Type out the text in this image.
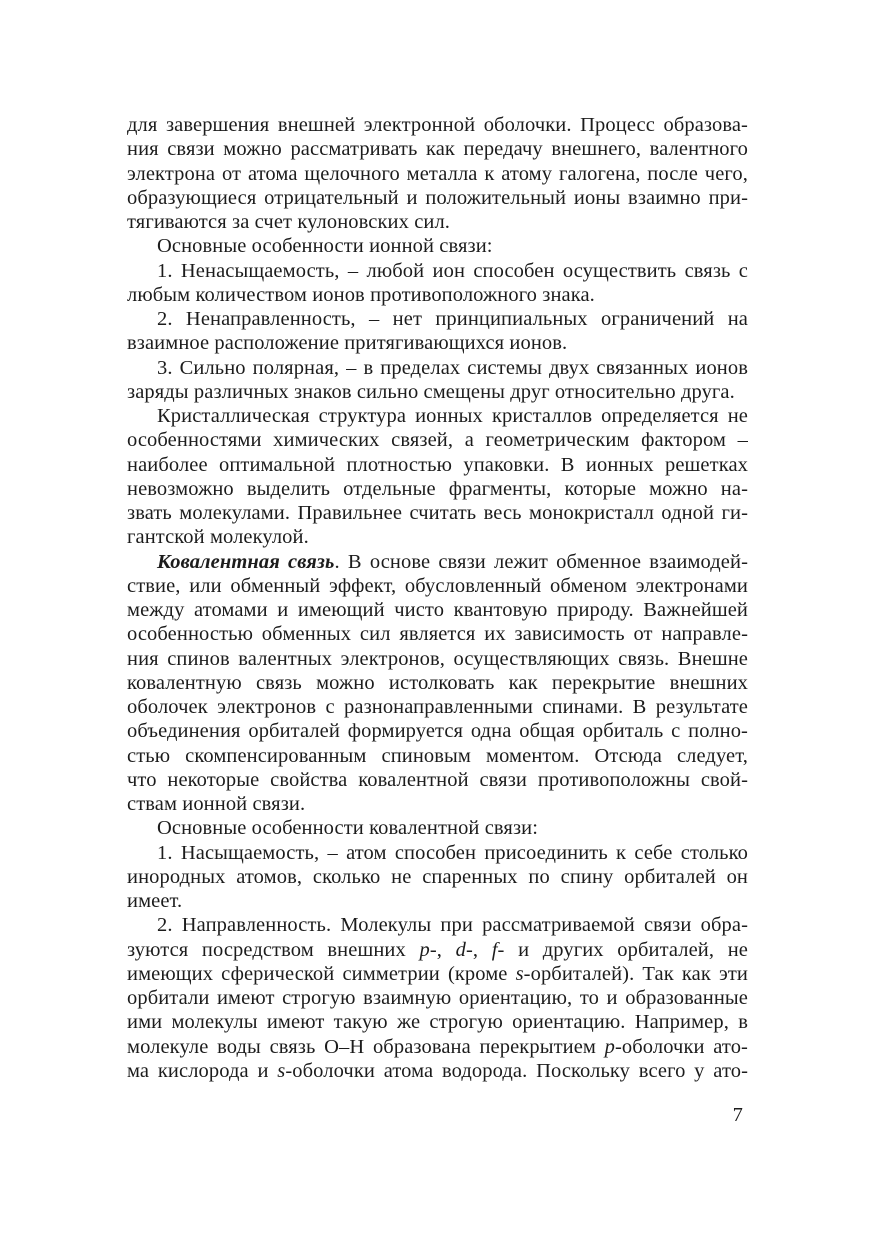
для завершения внешней электронной оболочки. Процесс образова-
ния связи можно рассматривать как передачу внешнего, валентного
электрона от атома щелочного металла к атому галогена, после чего,
образующиеся отрицательный и положительный ионы взаимно при-
тягиваются за счет кулоновских сил.
Основные особенности ионной связи:
1. Ненасыщаемость, – любой ион способен осуществить связь с
любым количеством ионов противоположного знака.
2. Ненаправленность, – нет принципиальных ограничений на
взаимное расположение притягивающихся ионов.
3. Сильно полярная, – в пределах системы двух связанных ионов
заряды различных знаков сильно смещены друг относительно друга.
Кристаллическая структура ионных кристаллов определяется не
особенностями химических связей, а геометрическим фактором –
наиболее оптимальной плотностью упаковки. В ионных решетках
невозможно выделить отдельные фрагменты, которые можно на-
звать молекулами. Правильнее считать весь монокристалл одной ги-
гантской молекулой.
Ковалентная связь. В основе связи лежит обменное взаимодей-
ствие, или обменный эффект, обусловленный обменом электронами
между атомами и имеющий чисто квантовую природу. Важнейшей
особенностью обменных сил является их зависимость от направле-
ния спинов валентных электронов, осуществляющих связь. Внешне
ковалентную связь можно истолковать как перекрытие внешних
оболочек электронов с разнонаправленными спинами. В результате
объединения орбиталей формируется одна общая орбиталь с полно-
стью скомпенсированным спиновым моментом. Отсюда следует,
что некоторые свойства ковалентной связи противоположны свой-
ствам ионной связи.
Основные особенности ковалентной связи:
1. Насыщаемость, – атом способен присоединить к себе столько
инородных атомов, сколько не спаренных по спину орбиталей он
имеет.
2. Направленность. Молекулы при рассматриваемой связи обра-
зуются посредством внешних p-, d-, f- и других орбиталей, не
имеющих сферической симметрии (кроме s-орбиталей). Так как эти
орбитали имеют строгую взаимную ориентацию, то и образованные
ими молекулы имеют такую же строгую ориентацию. Например, в
молекуле воды связь О–Н образована перекрытием p-оболочки ато-
ма кислорода и s-оболочки атома водорода. Поскольку всего у ато-
7
